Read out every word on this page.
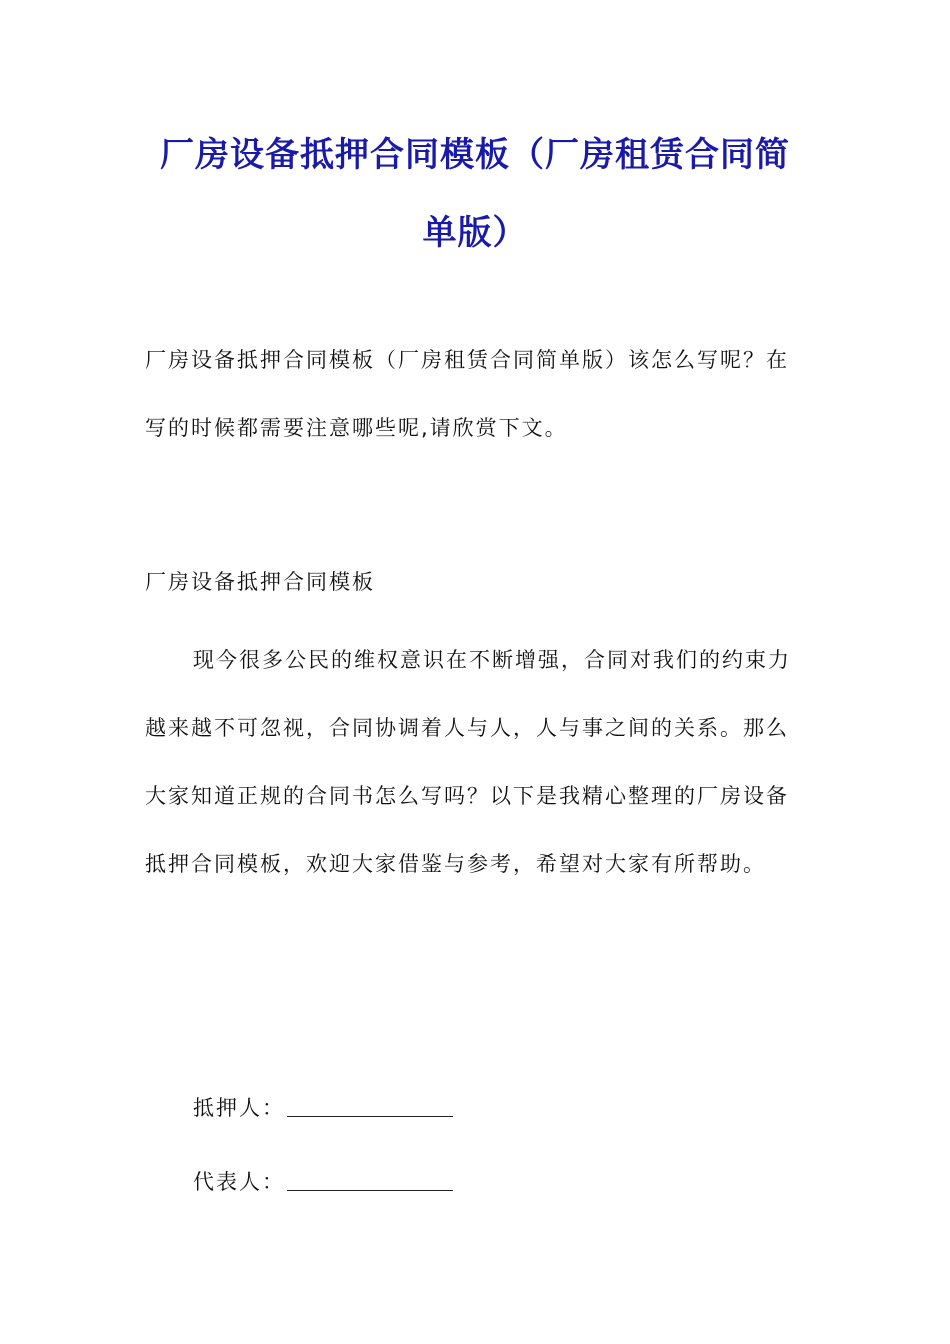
厂房设备抵押合同模板（厂房租赁合同简单版）

厂房设备抵押合同模板（厂房租赁合同简单版）该怎么写呢？在写的时候都需要注意哪些呢,请欣赏下文。

厂房设备抵押合同模板

现今很多公民的维权意识在不断增强，合同对我们的约束力越来越不可忽视，合同协调着人与人，人与事之间的关系。那么大家知道正规的合同书怎么写吗？以下是我精心整理的厂房设备抵押合同模板，欢迎大家借鉴与参考，希望对大家有所帮助。

抵押人：
代表人：
